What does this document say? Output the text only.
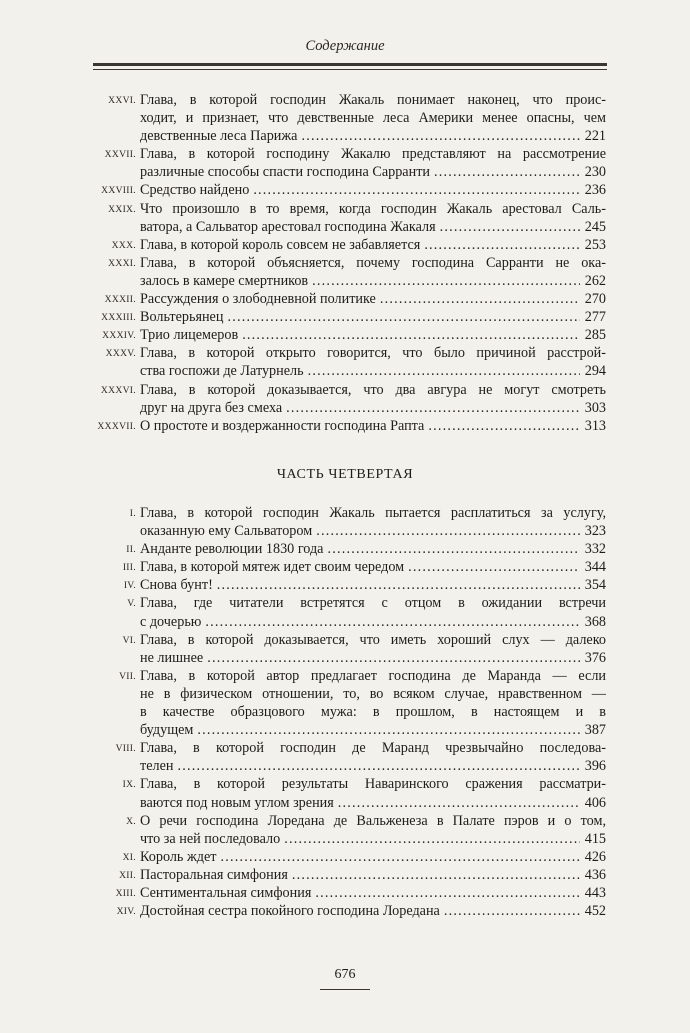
Содержание
XXVI. Глава, в которой господин Жакаль понимает наконец, что проис-
ходит, и признает, что девственные леса Америки менее опасны, чем
девственные леса Парижа .....	221
XXVII. Глава, в которой господину Жакалю представляют на рассмотрение
различные способы спасти господина Сарранти .....	230
XXVIII. Средство найдено .....	236
XXIX. Что произошло в то время, когда господин Жакаль арестовал Саль-
ватора, а Сальватор арестовал господина Жакаля .....	245
XXX. Глава, в которой король совсем не забавляется .....	253
XXXI. Глава, в которой объясняется, почему господина Сарранти не ока-
залось в камере смертников .....	262
XXXII. Рассуждения о злободневной политике .....	270
XXXIII. Вольтерьянец .....	277
XXXIV. Трио лицемеров .....	285
XXXV. Глава, в которой открыто говорится, что было причиной расстрой-
ства госпожи де Латурнель .....	294
XXXVI. Глава, в которой доказывается, что два авгура не могут смотреть
друг на друга без смеха .....	303
XXXVII. О простоте и воздержанности господина Рапта .....	313
ЧАСТЬ ЧЕТВЕРТАЯ
I. Глава, в которой господин Жакаль пытается расплатиться за услугу,
оказанную ему Сальватором .....	323
II. Анданте революции 1830 года .....	332
III. Глава, в которой мятеж идет своим чередом .....	344
IV. Снова бунт! .....	354
V. Глава, где читатели встретятся с отцом в ожидании встречи
с дочерью .....	368
VI. Глава, в которой доказывается, что иметь хороший слух — далеко
не лишнее .....	376
VII. Глава, в которой автор предлагает господина де Маранда — если
не в физическом отношении, то, во всяком случае, нравственном —
в качестве образцового мужа: в прошлом, в настоящем и в
будущем .....	387
VIII. Глава, в которой господин де Маранд чрезвычайно последова-
телен .....	396
IX. Глава, в которой результаты Наваринского сражения рассматри-
ваются под новым углом зрения .....	406
X. О речи господина Лоредана де Вальженеза в Палате пэров и о том,
что за ней последовало .....	415
XI. Король ждет .....	426
XII. Пасторальная симфония .....	436
XIII. Сентиментальная симфония .....	443
XIV. Достойная сестра покойного господина Лоредана .....	452
676
